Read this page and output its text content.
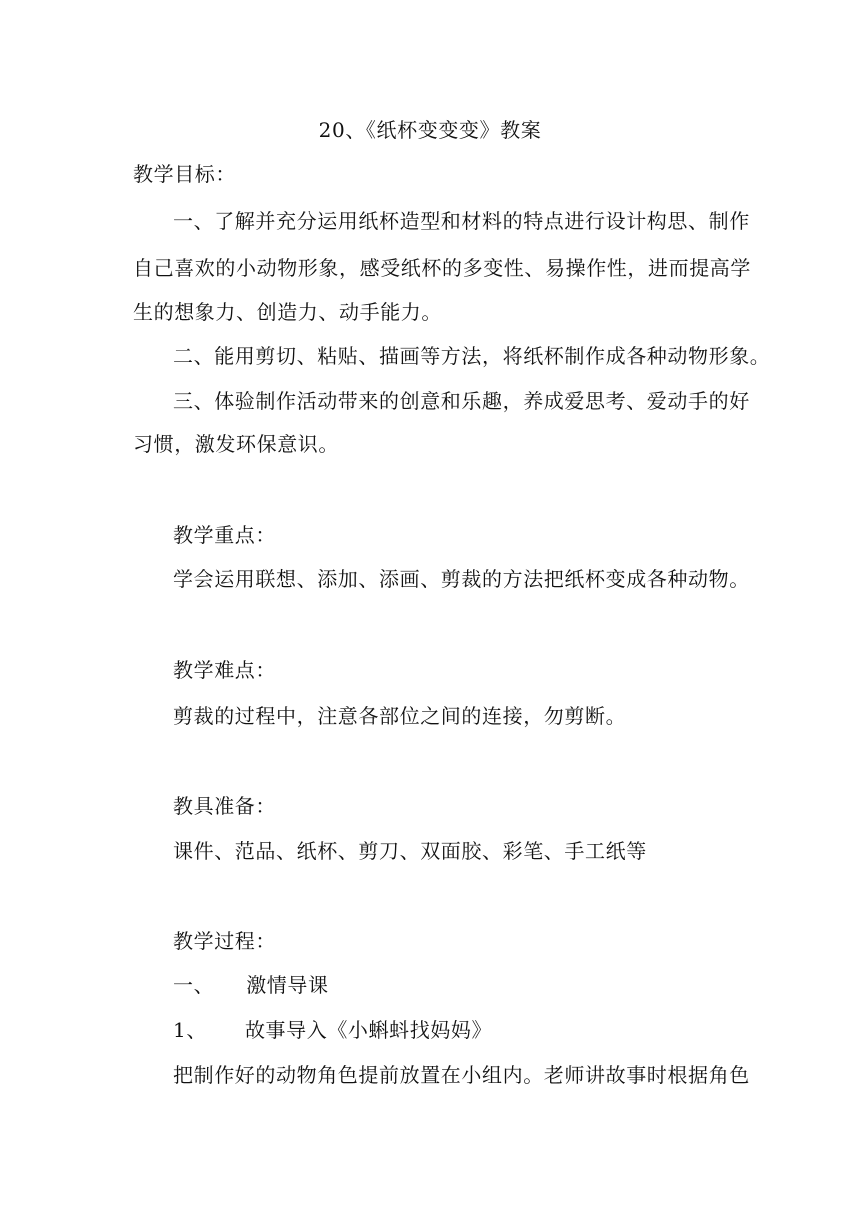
20、《纸杯变变变》教案
教学目标：
一、了解并充分运用纸杯造型和材料的特点进行设计构思、制作
自己喜欢的小动物形象，感受纸杯的多变性、易操作性，进而提高学
生的想象力、创造力、动手能力。
二、能用剪切、粘贴、描画等方法，将纸杯制作成各种动物形象。
三、体验制作活动带来的创意和乐趣，养成爱思考、爱动手的好
习惯，激发环保意识。
教学重点：
学会运用联想、添加、添画、剪裁的方法把纸杯变成各种动物。
教学难点：
剪裁的过程中，注意各部位之间的连接，勿剪断。
教具准备：
课件、范品、纸杯、剪刀、双面胶、彩笔、手工纸等
教学过程：
一、 激情导课
1、 故事导入《小蝌蚪找妈妈》
把制作好的动物角色提前放置在小组内。老师讲故事时根据角色
